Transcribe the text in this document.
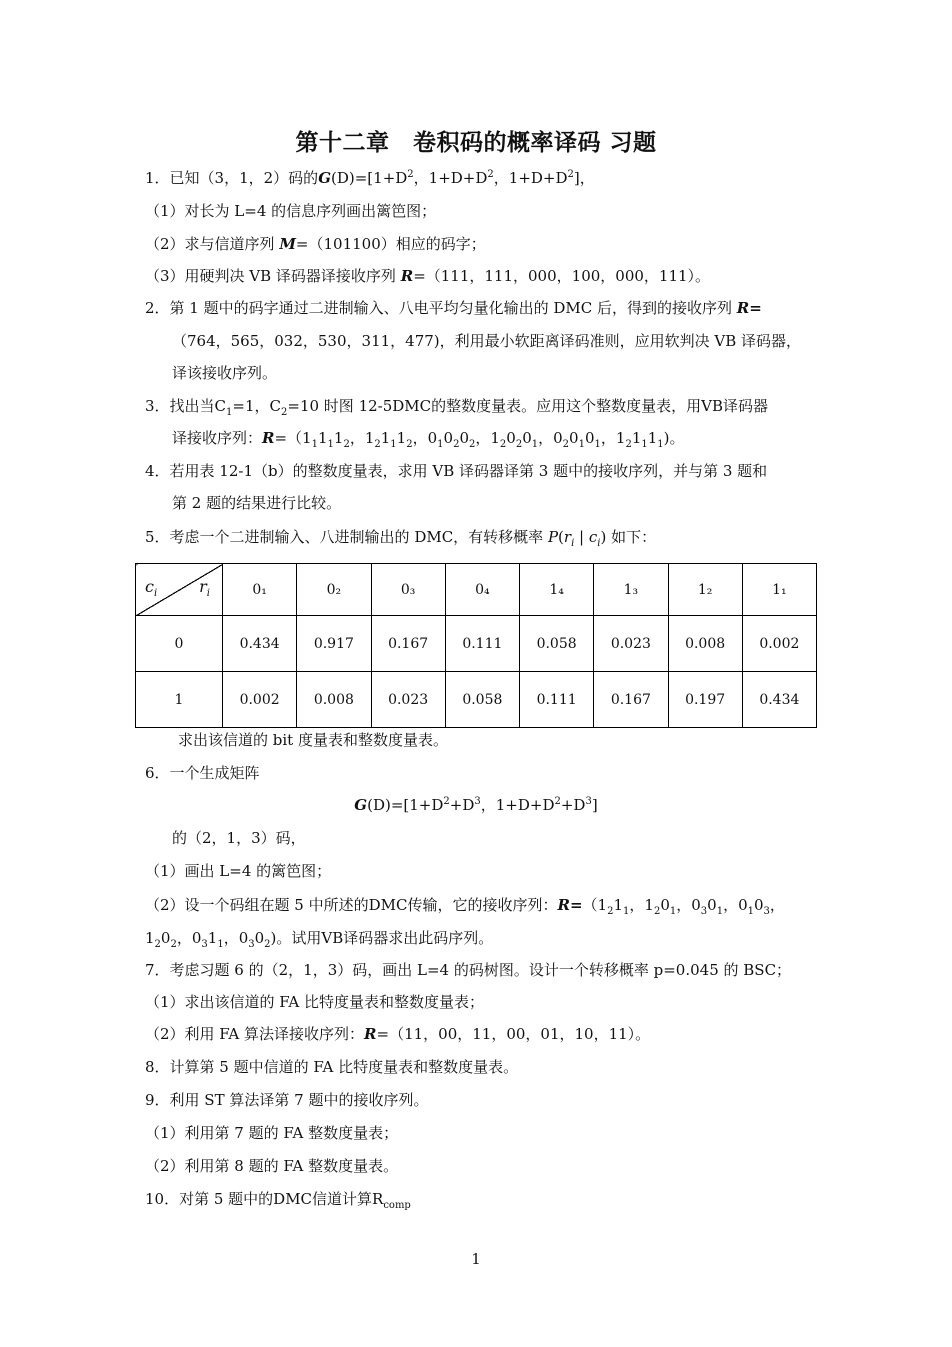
第十二章　卷积码的概率译码 习题
1．已知（3，1，2）码的$G(D)=[1+D^2$，$1+D+D^2$，$1+D+D^2$]，
（1）对长为 L=4 的信息序列画出篱笆图；
（2）求与信道序列 M=（101100）相应的码字；
（3）用硬判决 VB 译码器译接收序列 R=（111，111，000，100，000，111）。
2．第 1 题中的码字通过二进制输入、八电平均匀量化输出的 DMC 后，得到的接收序列 R=
（764，565，032，530，311，477)，利用最小软距离译码准则，应用软判决 VB 译码器，
译该接收序列。
3．找出当$C_1=1$，$C_2=10$ 时图 12-5DMC的整数度量表。应用这个整数度量表，用VB译码器
译接收序列：$R=(1_11_11_2$，$1_21_11_2$，$0_10_20_2$，$1_20_20_1$，$0_20_10_1$，$1_21_11_1$)。
4．若用表 12-1（b）的整数度量表，求用 VB 译码器译第 3 题中的接收序列，并与第 3 题和
第 2 题的结果进行比较。
5．考虑一个二进制输入、八进制输出的 DMC，有转移概率 $P(r_i$ | $c_i$) 如下：
$c_i$ $r_i$	0₁	0₂	0₃	0₄	1₄	1₃	1₂	1₁
0	0.434	0.917	0.167	0.111	0.058	0.023	0.008	0.002
1	0.002	0.008	0.023	0.058	0.111	0.167	0.197	0.434
求出该信道的 bit 度量表和整数度量表。
6．一个生成矩阵
$G(D)=[1+D^2+D^3$，$1+D+D^2+D^3$]
的（2，1，3）码，
（1）画出 L=4 的篱笆图；
（2）设一个码组在题 5 中所述的DMC传输，它的接收序列：$R=(1_21_1$，$1_20_1$，$0_30_1$，$0_10_3$，
$1_20_2$，$0_31_1$，$0_30_2$)。试用VB译码器求出此码序列。
7．考虑习题 6 的（2，1，3）码，画出 L=4 的码树图。设计一个转移概率 p=0.045 的 BSC；
（1）求出该信道的 FA 比特度量表和整数度量表；
（2）利用 FA 算法译接收序列：R=（11，00，11，00，01，10，11）。
8．计算第 5 题中信道的 FA 比特度量表和整数度量表。
9．利用 ST 算法译第 7 题中的接收序列。
（1）利用第 7 题的 FA 整数度量表；
（2）利用第 8 题的 FA 整数度量表。
10．对第 5 题中的DMC信道计算$R_{comp}$
1
